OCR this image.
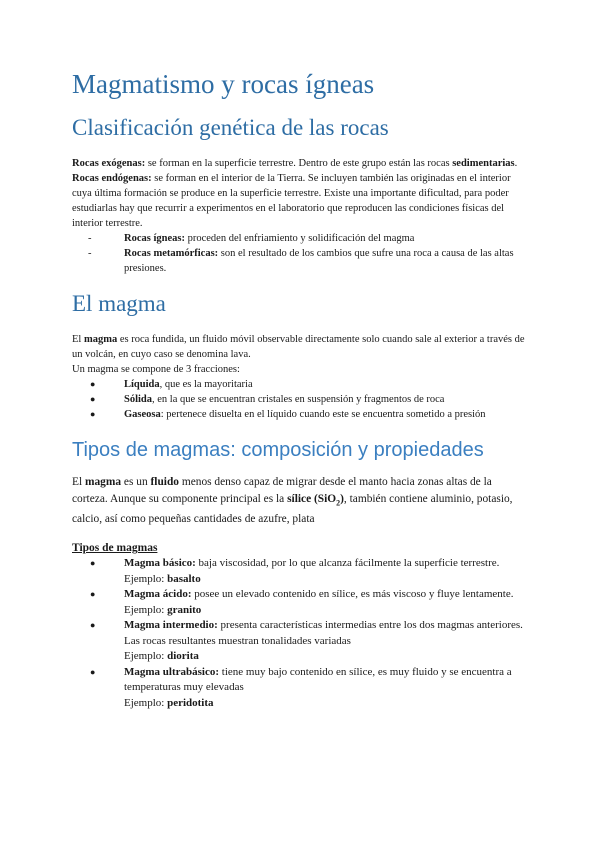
Magmatismo y rocas ígneas
Clasificación genética de las rocas

Rocas exógenas: se forman en la superficie terrestre. Dentro de este grupo están las rocas sedimentarias.

Rocas endógenas: se forman en el interior de la Tierra. Se incluyen también las originadas en el interior cuya última formación se produce en la superficie terrestre. Existe una importante dificultad, para poder estudiarlas hay que recurrir a experimentos en el laboratorio que reproducen las condiciones físicas del interior terrestre.

-	Rocas ígneas: proceden del enfriamiento y solidificación del magma
-	Rocas metamórficas: son el resultado de los cambios que sufre una roca a causa de las altas presiones.
El magma

El magma es roca fundida, un fluido móvil observable directamente solo cuando sale al exterior a través de un volcán, en cuyo caso se denomina lava.

Un magma se compone de 3 fracciones:

●	Líquida, que es la mayoritaria
●	Sólida, en la que se encuentran cristales en suspensión y fragmentos de roca
●	Gaseosa: pertenece disuelta en el líquido cuando este se encuentra sometido a presión
Tipos de magmas: composición y propiedades

El magma es un fluido menos denso capaz de migrar desde el manto hacia zonas altas de la corteza. Aunque su componente principal es la sílice (SiO$_2$), también contiene aluminio, potasio, calcio, así como pequeñas cantidades de azufre, plata

Tipos de magmas

●	Magma básico: baja viscosidad, por lo que alcanza fácilmente la superficie terrestre.
Ejemplo: basalto
●	Magma ácido: posee un elevado contenido en sílice, es más viscoso y fluye lentamente.
Ejemplo: granito
●	Magma intermedio: presenta características intermedias entre los dos magmas anteriores. Las rocas resultantes muestran tonalidades variadas
Ejemplo: diorita
●	Magma ultrabásico: tiene muy bajo contenido en sílice, es muy fluido y se encuentra a temperaturas muy elevadas
Ejemplo: peridotita
